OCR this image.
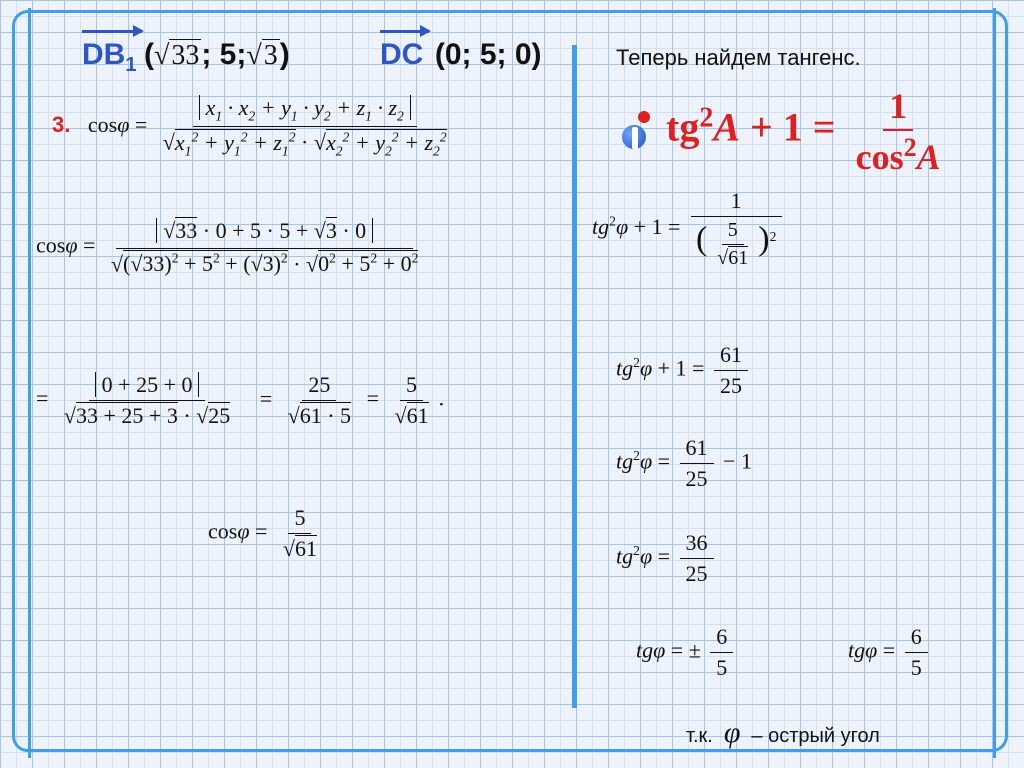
$DB_1$ (√33; 5;√3)	DC (0; 5; 0)	Теперь найдем тангенс.
$tg^2A + 1 = \frac{1}{\cos^2A}$
3. $\cos\varphi = \frac{x_1 \cdot x_2 + y_1 \cdot y_2 + z_1 \cdot z_2}{√x_1^2 + y_1^2 + z_1^2 \cdot √x_2^2 + y_2^2 + z_2^2}$
$\cos\varphi = \frac{√33 \cdot 0 + 5 \cdot 5 + √3 \cdot 0}{√(√33)^2 + 5^2 + (√3)^2 \cdot √0^2 + 5^2 + 0^2}$
= $\frac{0 + 25 + 0}{√33 + 25 + 3 \cdot √25} = \frac{25}{√61 \cdot 5} = \frac{5}{√61}$ .
$\cos\varphi = \frac{5}{√61}$
$tg^2\varphi + 1 = \frac{1}{( \frac{5}{√61} )^2}$
$tg^2\varphi + 1 = \frac{61}{25}$
$tg^2\varphi = \frac{61}{25} - 1$
$tg^2\varphi = \frac{36}{25}$
tgφ = ± $\frac{6}{5}$	$tg\varphi = \frac{6}{5}$
т.к. φ – острый угол
